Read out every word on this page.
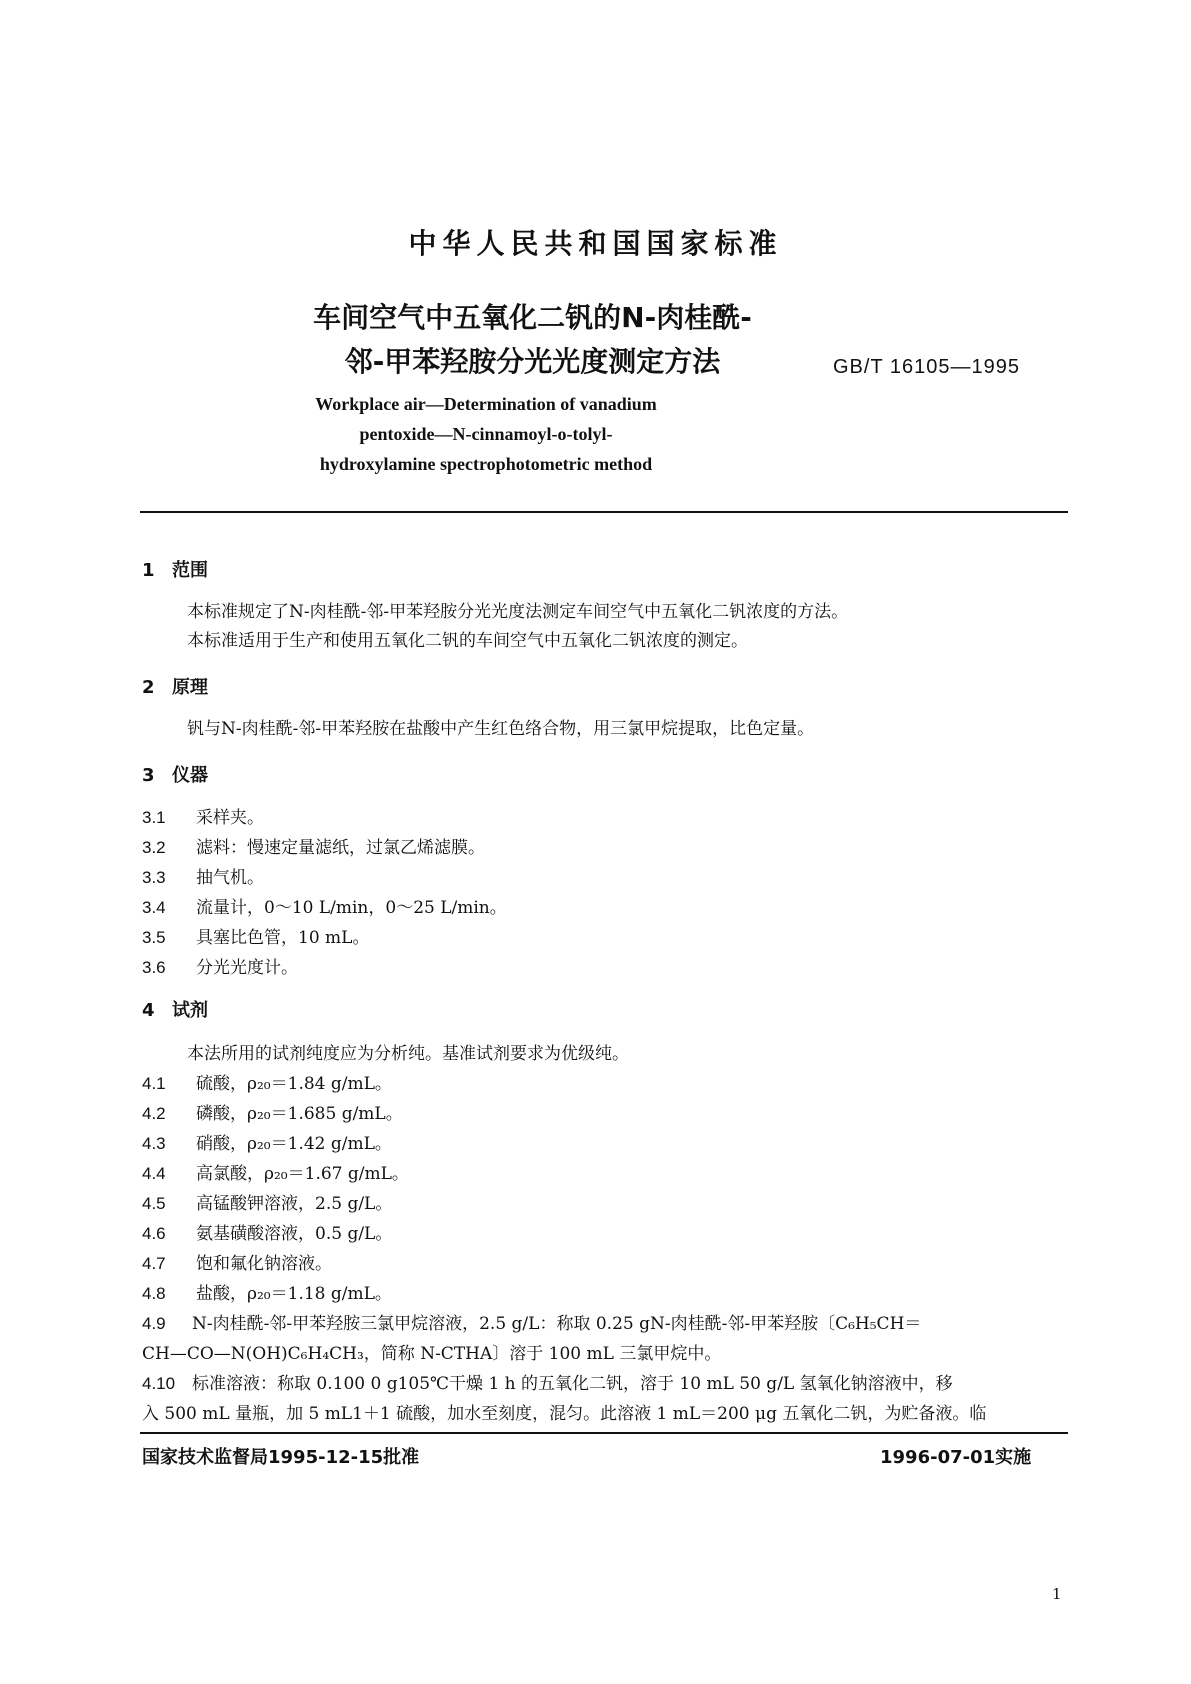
中华人民共和国国家标准
车间空气中五氧化二钒的N-肉桂酰-
邻-甲苯羟胺分光光度测定方法	GB/T 16105—1995
Workplace air—Determination of vanadium
pentoxide—N-cinnamoyl-o-tolyl-
hydroxylamine spectrophotometric method
1 范围
本标准规定了N-肉桂酰-邻-甲苯羟胺分光光度法测定车间空气中五氧化二钒浓度的方法。
本标准适用于生产和使用五氧化二钒的车间空气中五氧化二钒浓度的测定。
2 原理
钒与N-肉桂酰-邻-甲苯羟胺在盐酸中产生红色络合物，用三氯甲烷提取，比色定量。
3 仪器
3.1 采样夹。
3.2 滤料：慢速定量滤纸，过氯乙烯滤膜。
3.3 抽气机。
3.4 流量计，0～10 L/min，0～25 L/min。
3.5 具塞比色管，10 mL。
3.6 分光光度计。
4 试剂
本法所用的试剂纯度应为分析纯。基准试剂要求为优级纯。
4.1 硫酸，ρ₂₀＝1.84 g/mL。
4.2 磷酸，ρ₂₀＝1.685 g/mL。
4.3 硝酸，ρ₂₀＝1.42 g/mL。
4.4 高氯酸，ρ₂₀＝1.67 g/mL。
4.5 高锰酸钾溶液，2.5 g/L。
4.6 氨基磺酸溶液，0.5 g/L。
4.7 饱和氟化钠溶液。
4.8 盐酸，ρ₂₀＝1.18 g/mL。
4.9 N-肉桂酰-邻-甲苯羟胺三氯甲烷溶液，2.5 g/L：称取 0.25 gN-肉桂酰-邻-甲苯羟胺〔C₆H₅CH＝
CH—CO—N(OH)C₆H₄CH₃，简称 N-CTHA〕溶于 100 mL 三氯甲烷中。
4.10 标准溶液：称取 0.100 0 g105℃干燥 1 h 的五氧化二钒，溶于 10 mL 50 g/L 氢氧化钠溶液中，移
入 500 mL 量瓶，加 5 mL1＋1 硫酸，加水至刻度，混匀。此溶液 1 mL＝200 μg 五氧化二钒，为贮备液。临
国家技术监督局1995-12-15批准	1996-07-01实施
1
